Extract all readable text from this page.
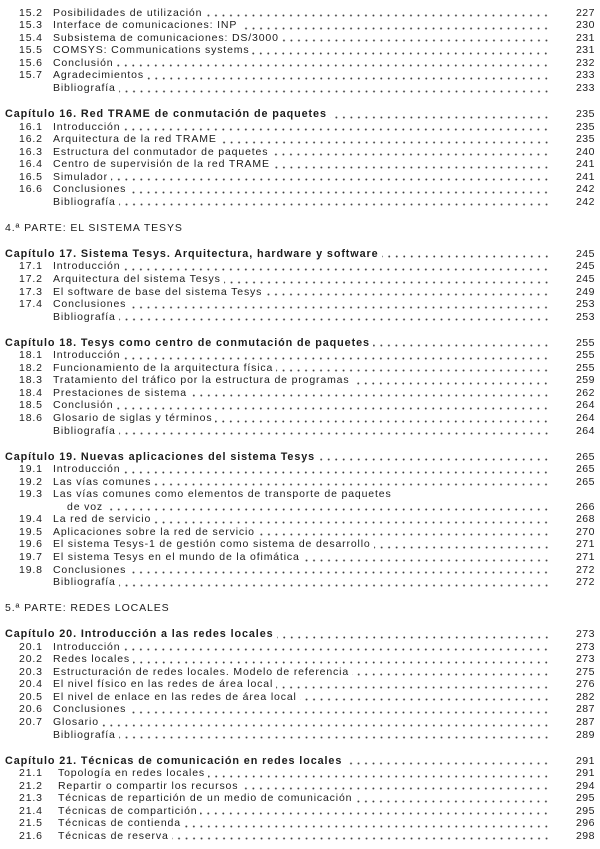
15.2 Posibilidades de utilización	227
15.3 Interface de comunicaciones: INP	230
15.4 Subsistema de comunicaciones: DS/3000	231
15.5 COMSYS: Communications systems	231
15.6 Conclusión	232
15.7 Agradecimientos	233
Bibliografía	233
Capítulo 16. Red TRAME de conmutación de paquetes	235
16.1 Introducción	235
16.2 Arquitectura de la red TRAME	235
16.3 Estructura del conmutador de paquetes	240
16.4 Centro de supervisión de la red TRAME	241
16.5 Simulador	241
16.6 Conclusiones	242
Bibliografía	242
4.ª PARTE: EL SISTEMA TESYS
Capítulo 17. Sistema Tesys. Arquitectura, hardware y software	245
17.1 Introducción	245
17.2 Arquitectura del sistema Tesys	245
17.3 El software de base del sistema Tesys	249
17.4 Conclusiones	253
Bibliografía	253
Capítulo 18. Tesys como centro de conmutación de paquetes	255
18.1 Introducción	255
18.2 Funcionamiento de la arquitectura física	255
18.3 Tratamiento del tráfico por la estructura de programas	259
18.4 Prestaciones de sistema	262
18.5 Conclusión	264
18.6 Glosario de siglas y términos	264
Bibliografía	264
Capítulo 19. Nuevas aplicaciones del sistema Tesys	265
19.1 Introducción	265
19.2 Las vías comunes	265
19.3 Las vías comunes como elementos de transporte de paquetes
de voz	266
19.4 La red de servicio	268
19.5 Aplicaciones sobre la red de servicio	270
19.6 El sistema Tesys-1 de gestión como sistema de desarrollo	271
19.7 El sistema Tesys en el mundo de la ofimática	271
19.8 Conclusiones	272
Bibliografía	272
5.ª PARTE: REDES LOCALES
Capítulo 20. Introducción a las redes locales	273
20.1 Introducción	273
20.2 Redes locales	273
20.3 Estructuración de redes locales. Modelo de referencia	275
20.4 El nivel físico en las redes de área local	276
20.5 El nivel de enlace en las redes de área local	282
20.6 Conclusiones	287
20.7 Glosario	287
Bibliografía	289
Capítulo 21. Técnicas de comunicación en redes locales	291
21.1	Topología en redes locales	291
21.2	Repartir o compartir los recursos	294
21.3	Técnicas de repartición de un medio de comunicación	295
21.4	Técnicas de compartición	295
21.5	Técnicas de contienda	296
21.6	Técnicas de reserva	298
